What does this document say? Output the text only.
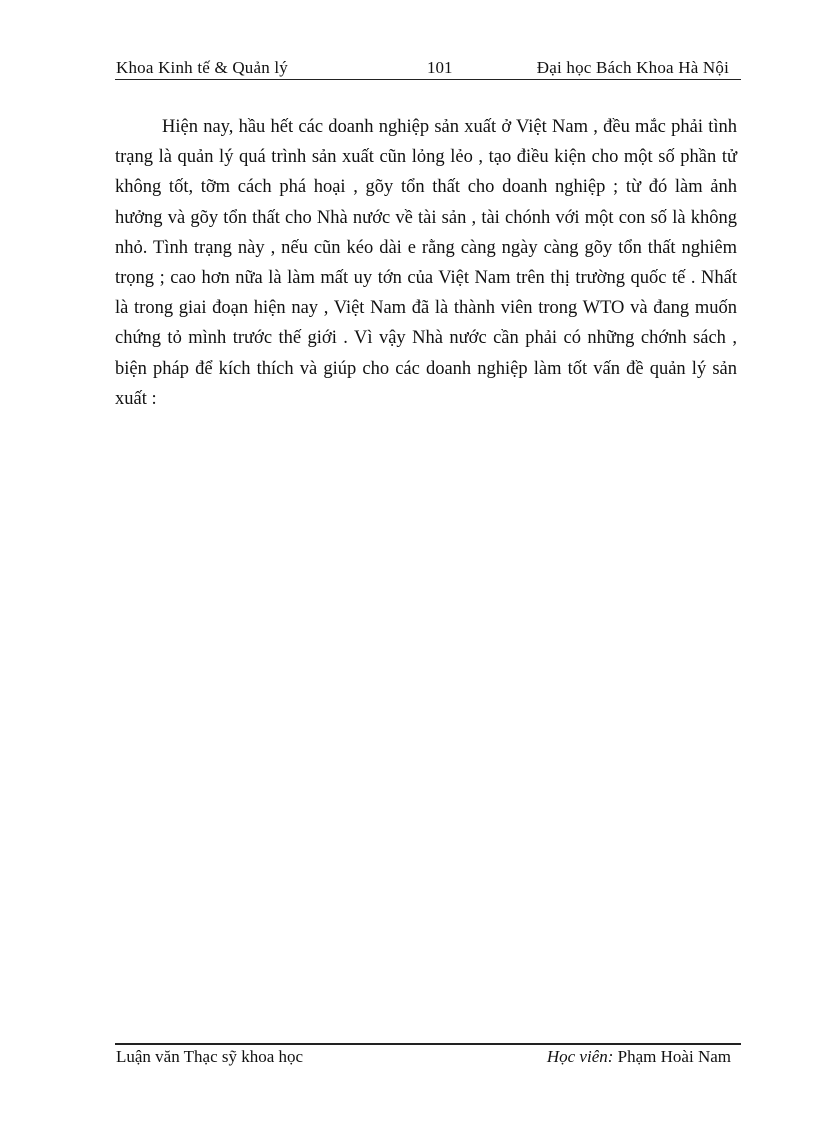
Khoa Kinh tế & Quản lý	101	Đại học Bách Khoa Hà Nội

Hiện nay, hầu hết các doanh nghiệp sản xuất ở Việt Nam , đều mắc phải tình trạng là quản lý quá trình sản xuất cũn lỏng lẻo , tạo điều kiện cho một số phần tử không tốt, tỡm cách phá hoại , gõy tổn thất cho doanh nghiệp ; từ đó làm ảnh hưởng và gõy tổn thất cho Nhà nước về tài sản , tài chónh với một con số là không nhỏ. Tình trạng này , nếu cũn kéo dài e rằng càng ngày càng gõy tổn thất nghiêm trọng ; cao hơn nữa là làm mất uy tớn của Việt Nam trên thị trường quốc tế . Nhất là trong giai đoạn hiện nay , Việt Nam đã là thành viên trong WTO và đang muốn chứng tỏ mình trước thế giới . Vì vậy Nhà nước cần phải có những chớnh sách , biện pháp để kích thích và giúp cho các doanh nghiệp làm tốt vấn đề quản lý sản xuất :

Luận văn Thạc sỹ khoa học	Học viên: Phạm Hoài Nam
